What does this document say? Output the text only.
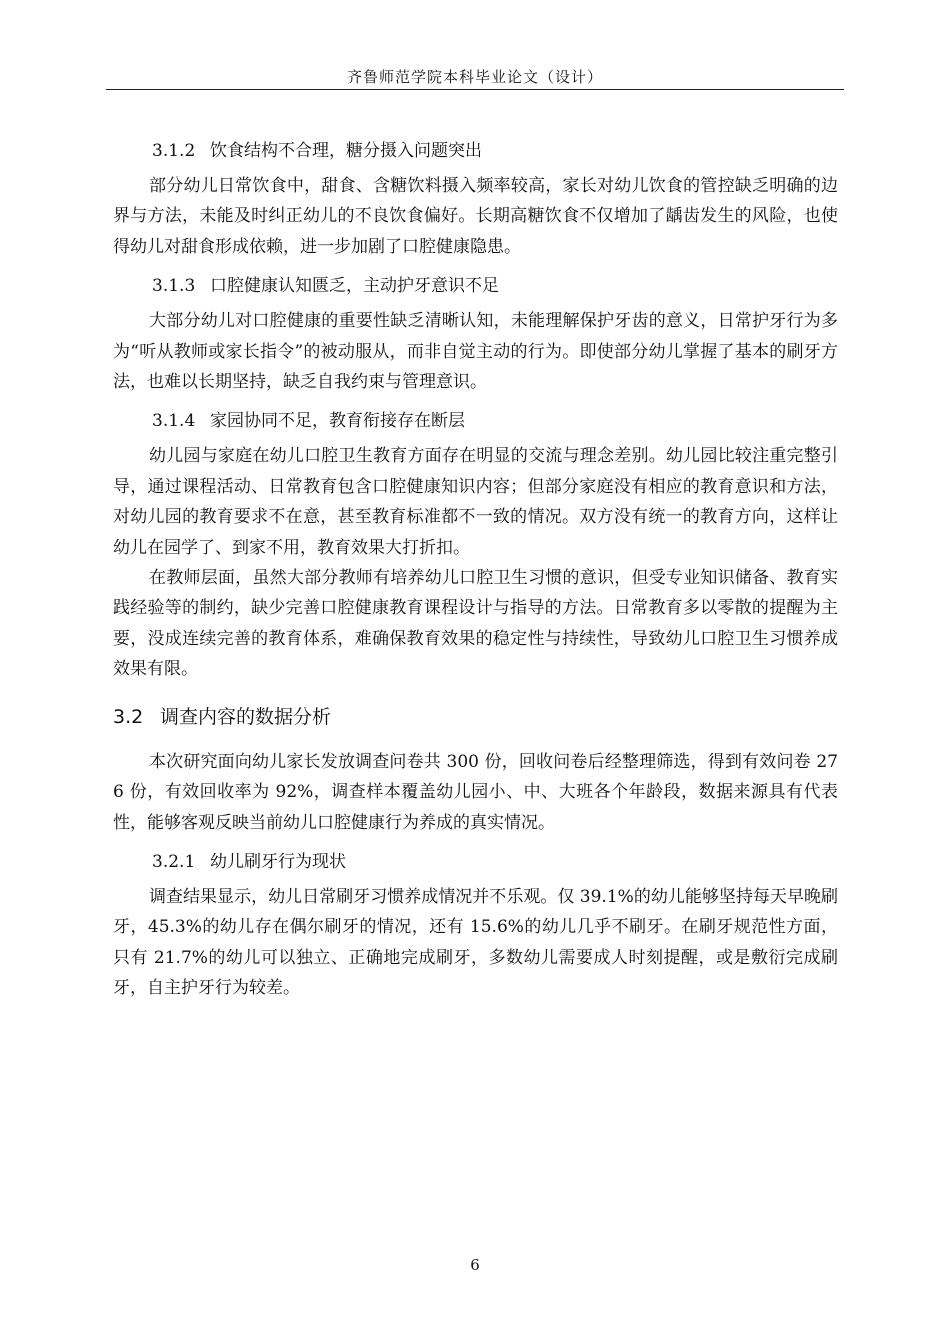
齐鲁师范学院本科毕业论文（设计）
3.1.2 饮食结构不合理，糖分摄入问题突出

部分幼儿日常饮食中，甜食、含糖饮料摄入频率较高，家长对幼儿饮食的管控缺乏明确的边界与方法，未能及时纠正幼儿的不良饮食偏好。长期高糖饮食不仅增加了龋齿发生的风险，也使得幼儿对甜食形成依赖，进一步加剧了口腔健康隐患。

3.1.3 口腔健康认知匮乏，主动护牙意识不足

大部分幼儿对口腔健康的重要性缺乏清晰认知，未能理解保护牙齿的意义，日常护牙行为多为“听从教师或家长指令”的被动服从，而非自觉主动的行为。即使部分幼儿掌握了基本的刷牙方法，也难以长期坚持，缺乏自我约束与管理意识。

3.1.4 家园协同不足，教育衔接存在断层

幼儿园与家庭在幼儿口腔卫生教育方面存在明显的交流与理念差别。幼儿园比较注重完整引导，通过课程活动、日常教育包含口腔健康知识内容；但部分家庭没有相应的教育意识和方法，对幼儿园的教育要求不在意，甚至教育标准都不一致的情况。双方没有统一的教育方向，这样让幼儿在园学了、到家不用，教育效果大打折扣。

在教师层面，虽然大部分教师有培养幼儿口腔卫生习惯的意识，但受专业知识储备、教育实践经验等的制约，缺少完善口腔健康教育课程设计与指导的方法。日常教育多以零散的提醒为主要，没成连续完善的教育体系，难确保教育效果的稳定性与持续性，导致幼儿口腔卫生习惯养成效果有限。

3.2 调查内容的数据分析

本次研究面向幼儿家长发放调查问卷共 300 份，回收问卷后经整理筛选，得到有效问卷 276 份，有效回收率为 92%，调查样本覆盖幼儿园小、中、大班各个年龄段，数据来源具有代表性，能够客观反映当前幼儿口腔健康行为养成的真实情况。

3.2.1 幼儿刷牙行为现状

调查结果显示，幼儿日常刷牙习惯养成情况并不乐观。仅 39.1%的幼儿能够坚持每天早晚刷牙，45.3%的幼儿存在偶尔刷牙的情况，还有 15.6%的幼儿几乎不刷牙。在刷牙规范性方面，只有 21.7%的幼儿可以独立、正确地完成刷牙，多数幼儿需要成人时刻提醒，或是敷衍完成刷牙，自主护牙行为较差。

6
